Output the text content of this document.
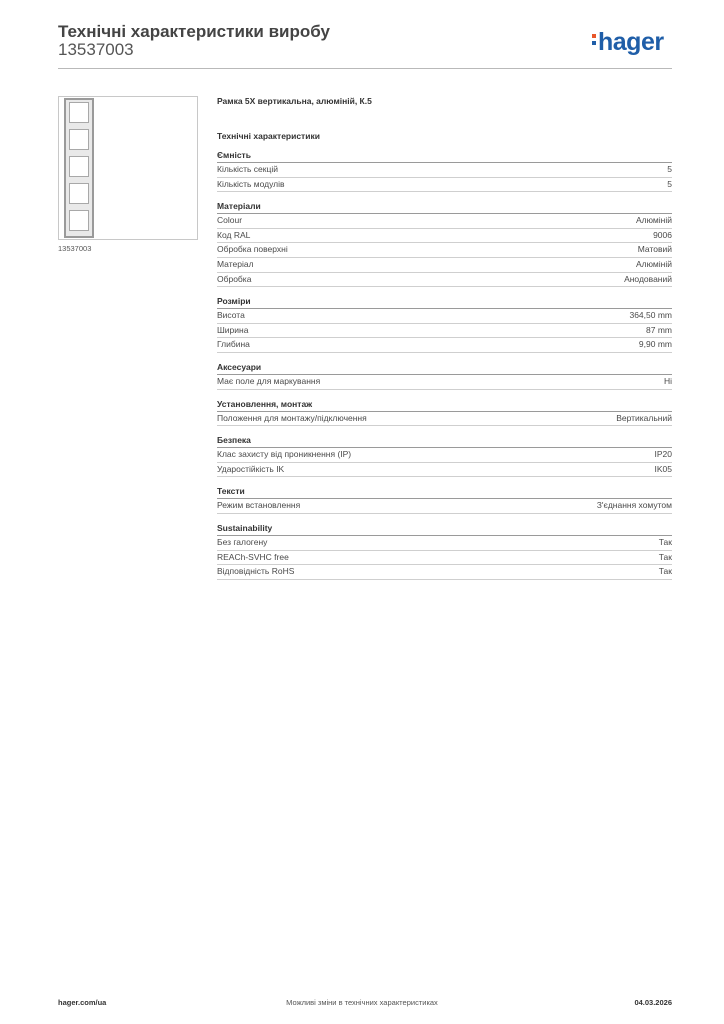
Технічні характеристики виробу
13537003	hager
13537003
Рамка 5Х вертикальна, алюміній, К.5
Технічні характеристики
Ємність
Кількість секцій	5
Кількість модулів	5
Матеріали
Colour	Алюміній
Код RAL	9006
Обробка поверхні	Матовий
Матеріал	Алюміній
Обробка	Анодований
Розміри
Висота	364,50 mm
Ширина	87 mm
Глибина	9,90 mm
Аксесуари
Має поле для маркування	Ні
Установлення, монтаж
Положення для монтажу/підключення	Вертикальний
Безпека
Клас захисту від проникнення (IP)	IP20
Ударостійкість IK	IK05
Тексти
Режим встановлення	З'єднання хомутом
Sustainability
Без галогену	Так
REACh-SVHC free	Так
Відповідність RoHS	Так
hager.com/ua	Можливі зміни в технічних характеристиках	04.03.2026
